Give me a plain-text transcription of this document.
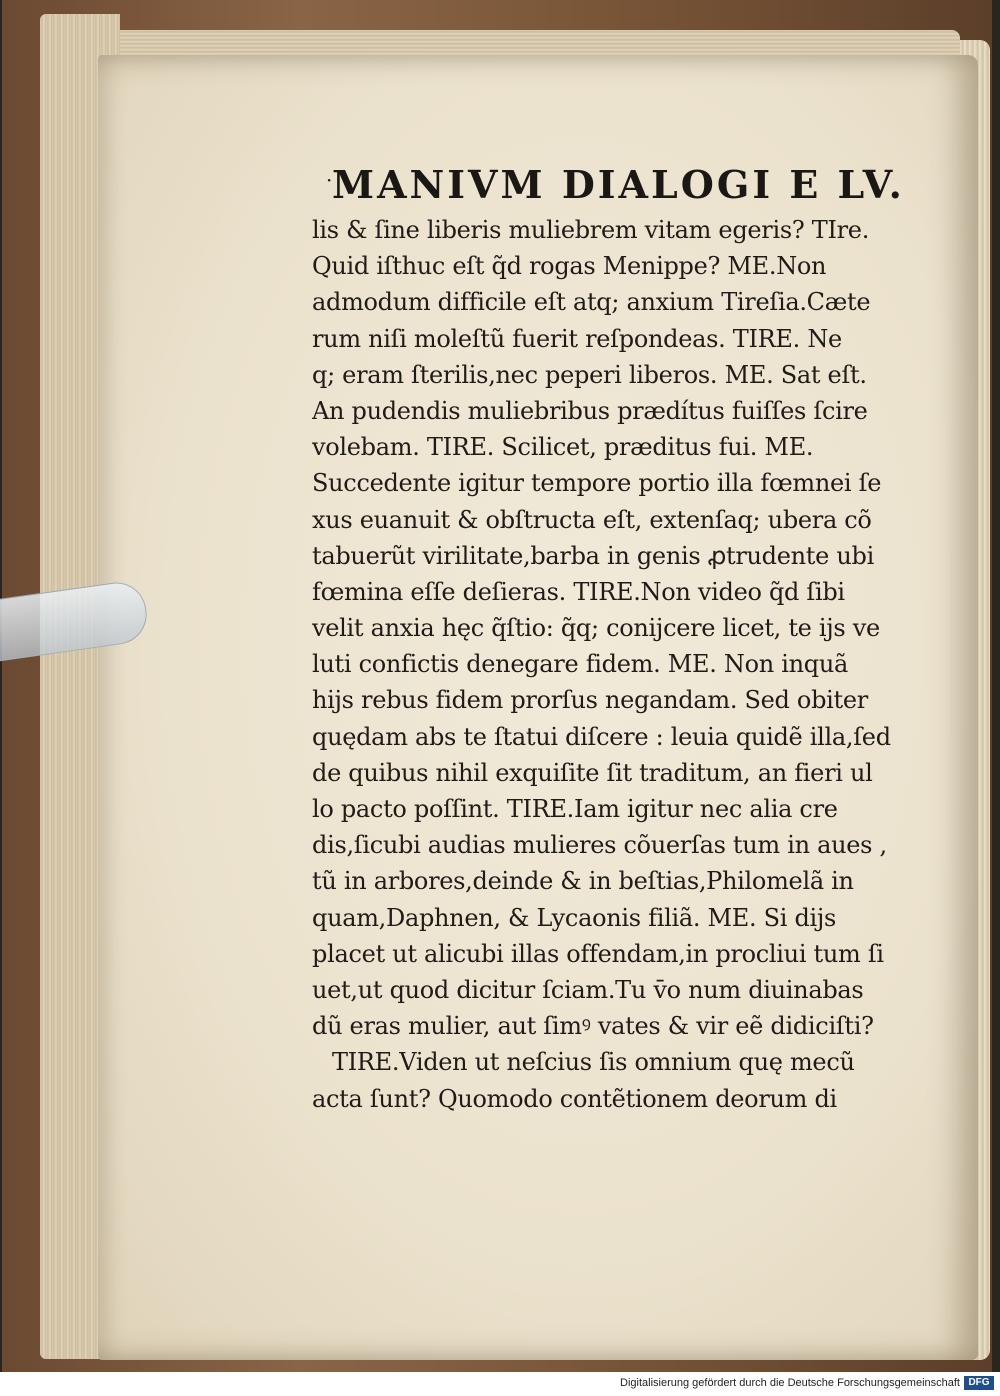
· MANIVM DIALOGI E LV.
lis & ſine liberis muliebrem vitam egeris? TIre.
Quid iſthuc eſt q̃d rogas Menippe? ME.Non
admodum difficile eſt atq; anxium Tireſia.Cæte
rum niſi moleſtũ fuerit reſpondeas. TIRE. Ne
q; eram ſterilis,nec peperi liberos. ME. Sat eſt.
An pudendis muliebribus prædítus fuiſſes ſcire
volebam. TIRE. Scilicet, præditus fui. ME.
Succedente igitur tempore portio illa fœmnei ſe
xus euanuit & obſtructa eſt, extenſaq; ubera cõ
tabuerũt virilitate,barba in genis ꝓtrudente ubi
fœmina eſſe deſieras. TIRE.Non video q̃d ſibi
velit anxia hęc q̃ſtio: q̃q; conijcere licet, te ijs ve
luti confictis denegare fidem. ME. Non inquã
hijs rebus fidem prorſus negandam. Sed obiter
quędam abs te ſtatui diſcere : leuia quidẽ illa,ſed
de quibus nihil exquiſite ſit traditum, an fieri ul
lo pacto poſſint. TIRE.Iam igitur nec alia cre
dis,ſicubi audias mulieres cõuerſas tum in aues ,
tũ in arbores,deinde & in beſtias,Philomelã in
quam,Daphnen, & Lycaonis filiã. ME. Si dijs
placet ut alicubi illas offendam,in procliui tum ſi
uet,ut quod dicitur ſciam.Tu v̄o num diuinabas
dũ eras mulier, aut ſimꝰ vates & vir eẽ didiciſti?
TIRE.Viden ut neſcius ſis omnium quę mecũ
acta ſunt? Quomodo contẽtionem deorum di
Digitalisierung gefördert durch die Deutsche Forschungsgemeinschaft DFG
